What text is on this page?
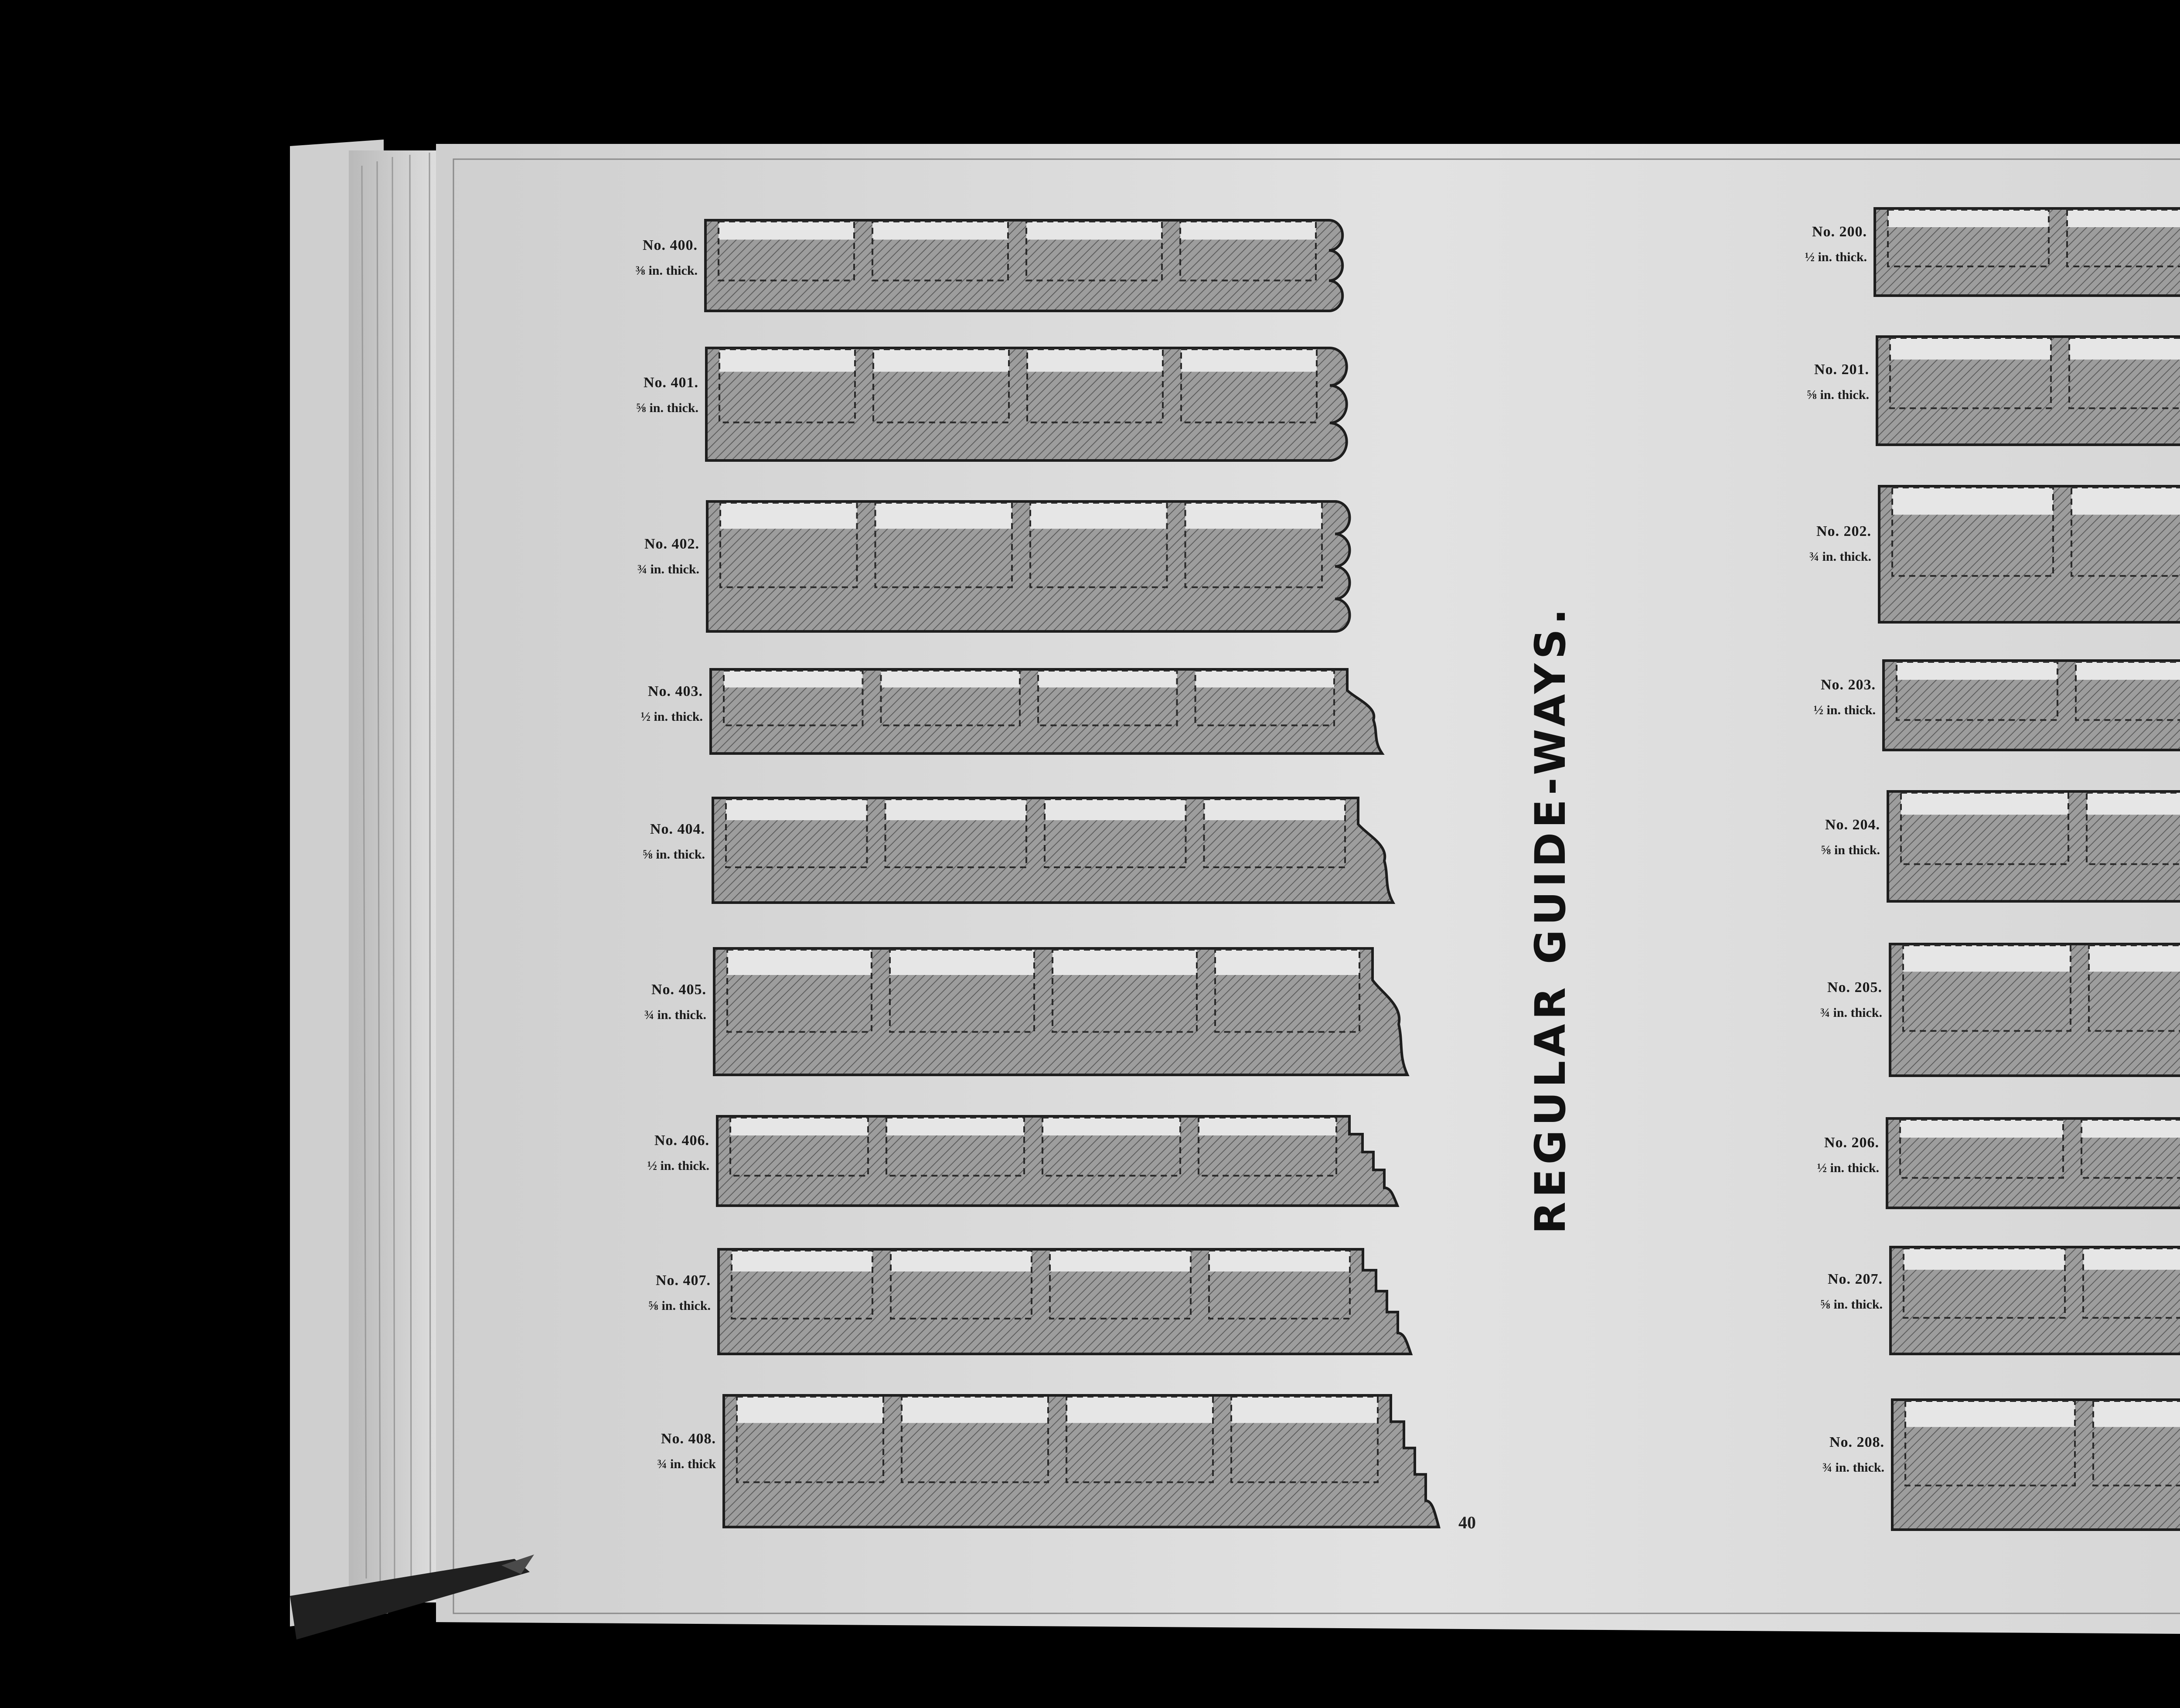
No. 400.
⅜ in. thick.
No. 401.
⅝ in. thick.
No. 402.
¾ in. thick.
No. 403.
½ in. thick.
No. 404.
⅝ in. thick.
No. 405.
¾ in. thick.
No. 406.
½ in. thick.
No. 407.
⅝ in. thick.
No. 408.
¾ in. thick
No. 200.
½ in. thick.
No. 201.
⅝ in. thick.
No. 202.
¾ in. thick.
No. 203.
½ in. thick.
No. 204.
⅝ in thick.
No. 205.
¾ in. thick.
No. 206.
½ in. thick.
No. 207.
⅝ in. thick.
No. 208.
¾ in. thick.
REGULAR GUIDE-WAYS.
40
